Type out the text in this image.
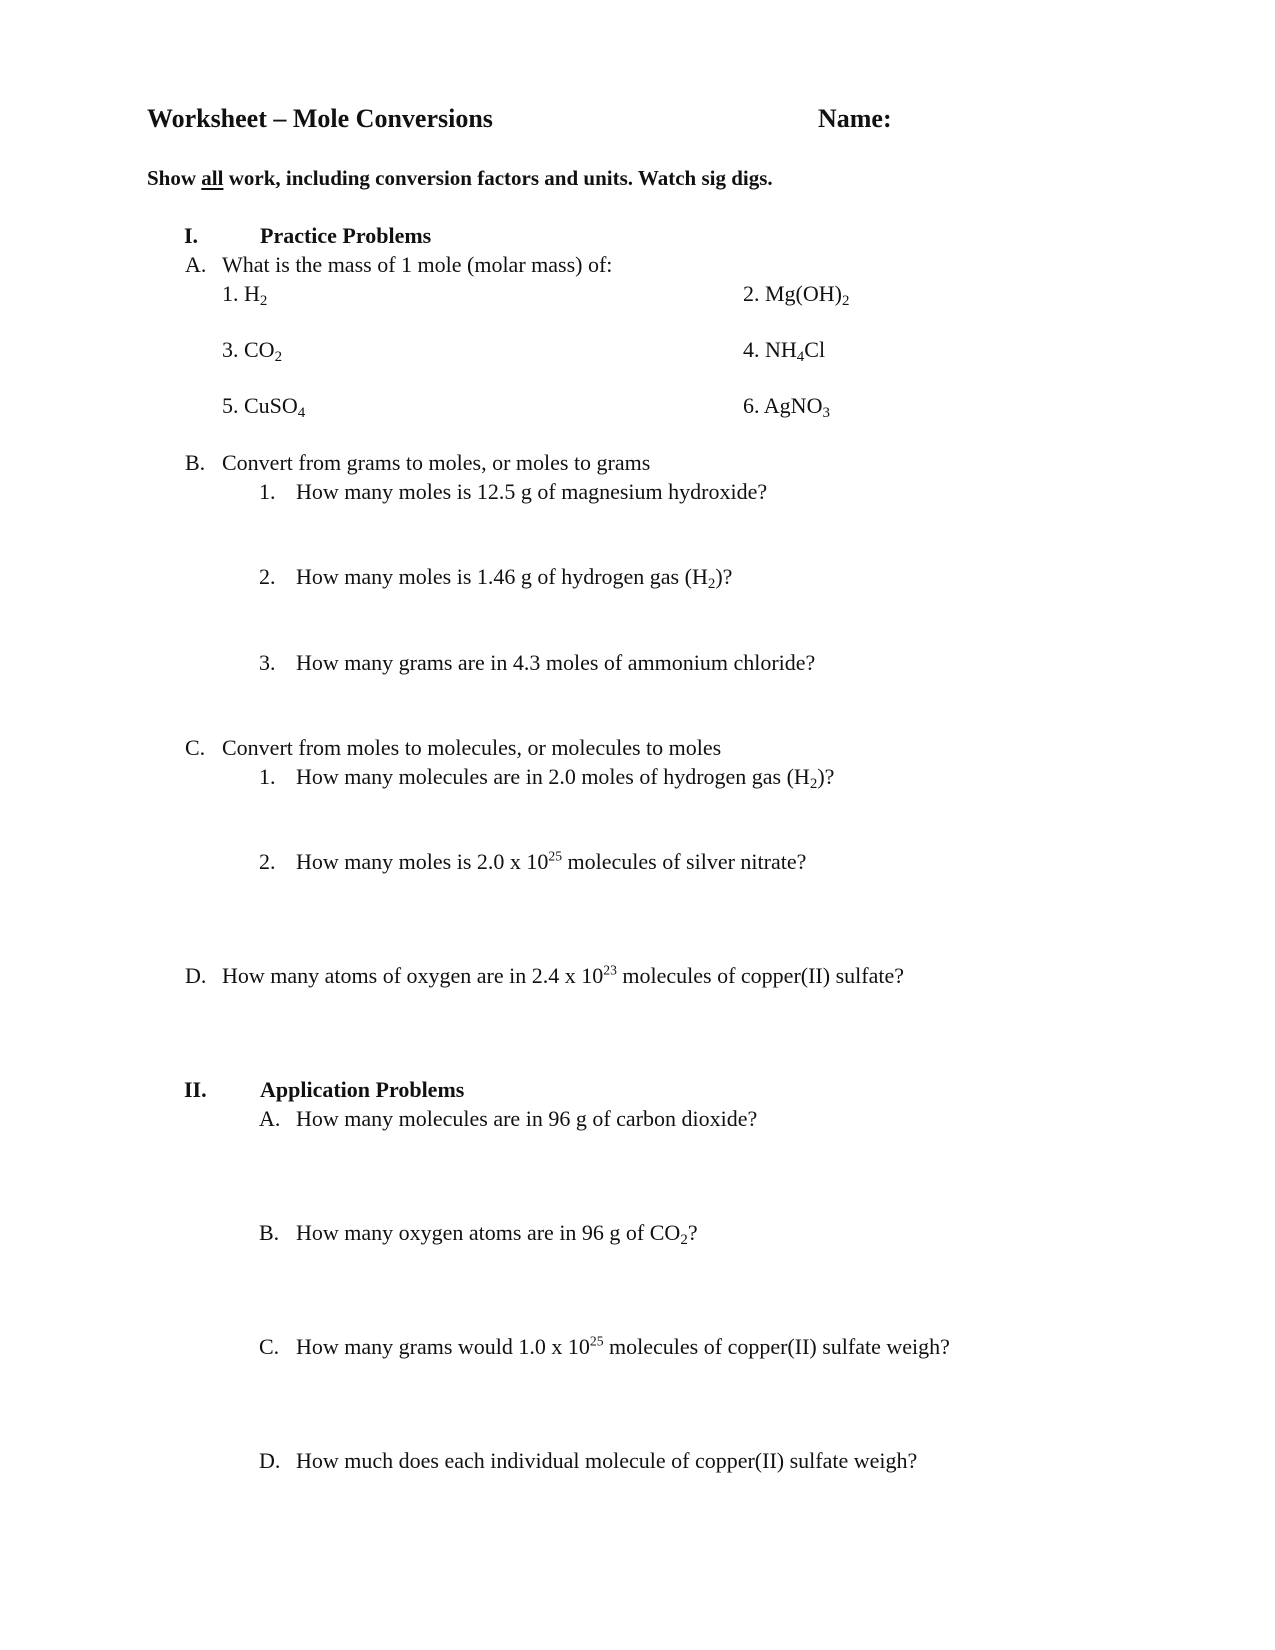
Worksheet – Mole Conversions	Name:
Show all work, including conversion factors and units. Watch sig digs.
I.	Practice Problems
A. What is the mass of 1 mole (molar mass) of:
1. $H_2$	2. $Mg(OH)_2$
3. $CO_2$	4. $NH_4Cl$
5. CuSO$_4$	6. AgNO$_3$
B. Convert from grams to moles, or moles to grams
1. How many moles is 12.5 g of magnesium hydroxide?
2. How many moles is 1.46 g of hydrogen gas $(H_2)$?
3. How many grams are in 4.3 moles of ammonium chloride?
C. Convert from moles to molecules, or molecules to moles
1. How many molecules are in 2.0 moles of hydrogen gas $(H_2)$?
2. How many moles is 2.0 x $10^{25}$ molecules of silver nitrate?
D. How many atoms of oxygen are in 2.4 x $10^{23}$ molecules of copper(II) sulfate?
II. Application Problems
A. How many molecules are in 96 g of carbon dioxide?
B. How many oxygen atoms are in 96 g of $CO_2$?
C. How many grams would 1.0 x $10^{25}$ molecules of copper(II) sulfate weigh?
D. How much does each individual molecule of copper(II) sulfate weigh?
